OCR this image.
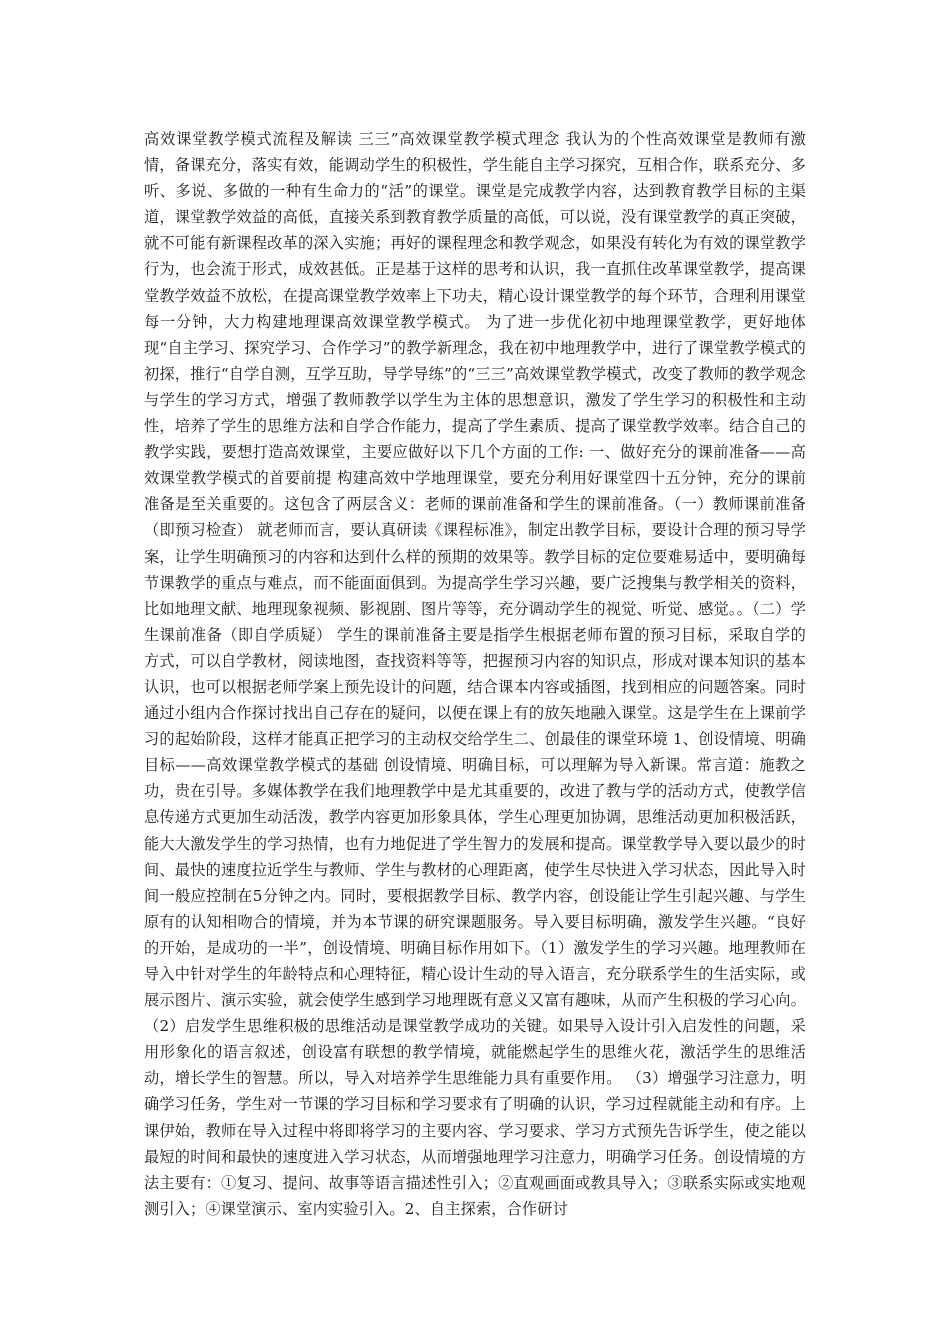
高效课堂教学模式流程及解读 三三”高效课堂教学模式理念 我认为的个性高效课堂是教师有激情，备课充分，落实有效，能调动学生的积极性，学生能自主学习探究，互相合作，联系充分、多听、多说、多做的一种有生命力的“活”的课堂。课堂是完成教学内容，达到教育教学目标的主渠道，课堂教学效益的高低，直接关系到教育教学质量的高低，可以说，没有课堂教学的真正突破，就不可能有新课程改革的深入实施；再好的课程理念和教学观念，如果没有转化为有效的课堂教学行为，也会流于形式，成效甚低。正是基于这样的思考和认识，我一直抓住改革课堂教学，提高课堂教学效益不放松，在提高课堂教学效率上下功夫，精心设计课堂教学的每个环节，合理利用课堂每一分钟，大力构建地理课高效课堂教学模式。 为了进一步优化初中地理课堂教学，更好地体现“自主学习、探究学习、合作学习”的教学新理念，我在初中地理教学中，进行了课堂教学模式的初探，推行“自学自测，互学互助，导学导练”的“三三”高效课堂教学模式，改变了教师的教学观念与学生的学习方式，增强了教师教学以学生为主体的思想意识，激发了学生学习的积极性和主动性，培养了学生的思维方法和自学合作能力，提高了学生素质、提高了课堂教学效率。结合自己的教学实践，要想打造高效课堂，主要应做好以下几个方面的工作: 一、做好充分的课前准备——高效课堂教学模式的首要前提 构建高效中学地理课堂，要充分利用好课堂四十五分钟，充分的课前准备是至关重要的。这包含了两层含义：老师的课前准备和学生的课前准备。（一）教师课前准备（即预习检查） 就老师而言，要认真研读《课程标准》，制定出教学目标，要设计合理的预习导学案，让学生明确预习的内容和达到什么样的预期的效果等。教学目标的定位要难易适中，要明确每节课教学的重点与难点，而不能面面俱到。为提高学生学习兴趣，要广泛搜集与教学相关的资料，比如地理文献、地理现象视频、影视剧、图片等等，充分调动学生的视觉、听觉、感觉。。（二）学生课前准备（即自学质疑） 学生的课前准备主要是指学生根据老师布置的预习目标，采取自学的方式，可以自学教材，阅读地图，查找资料等等，把握预习内容的知识点，形成对课本知识的基本认识，也可以根据老师学案上预先设计的问题，结合课本内容或插图，找到相应的问题答案。同时通过小组内合作探讨找出自己存在的疑问，以便在课上有的放矢地融入课堂。这是学生在上课前学习的起始阶段，这样才能真正把学习的主动权交给学生二、创最佳的课堂环境 1、创设情境、明确目标——高效课堂教学模式的基础 创设情境、明确目标，可以理解为导入新课。常言道：施教之功，贵在引导。多媒体教学在我们地理教学中是尤其重要的，改进了教与学的活动方式，使教学信息传递方式更加生动活泼，教学内容更加形象具体，学生心理更加协调，思维活动更加积极活跃，能大大激发学生的学习热情，也有力地促进了学生智力的发展和提高。课堂教学导入要以最少的时间、最快的速度拉近学生与教师、学生与教材的心理距离，使学生尽快进入学习状态，因此导入时间一般应控制在5分钟之内。同时，要根据教学目标、教学内容，创设能让学生引起兴趣、与学生原有的认知相吻合的情境，并为本节课的研究课题服务。导入要目标明确，激发学生兴趣。“良好的开始，是成功的一半”，创设情境、明确目标作用如下。（1）激发学生的学习兴趣。地理教师在导入中针对学生的年龄特点和心理特征，精心设计生动的导入语言，充分联系学生的生活实际，或展示图片、演示实验，就会使学生感到学习地理既有意义又富有趣味，从而产生积极的学习心向。（2）启发学生思维积极的思维活动是课堂教学成功的关键。如果导入设计引入启发性的问题，采用形象化的语言叙述，创设富有联想的教学情境，就能燃起学生的思维火花，激活学生的思维活动，增长学生的智慧。所以，导入对培养学生思维能力具有重要作用。 （3）增强学习注意力，明确学习任务，学生对一节课的学习目标和学习要求有了明确的认识，学习过程就能主动和有序。上课伊始，教师在导入过程中将即将学习的主要内容、学习要求、学习方式预先告诉学生，使之能以最短的时间和最快的速度进入学习状态，从而增强地理学习注意力，明确学习任务。创设情境的方法主要有：①复习、提问、故事等语言描述性引入；②直观画面或教具导入；③联系实际或实地观测引入；④课堂演示、室内实验引入。2、自主探索，合作研讨
